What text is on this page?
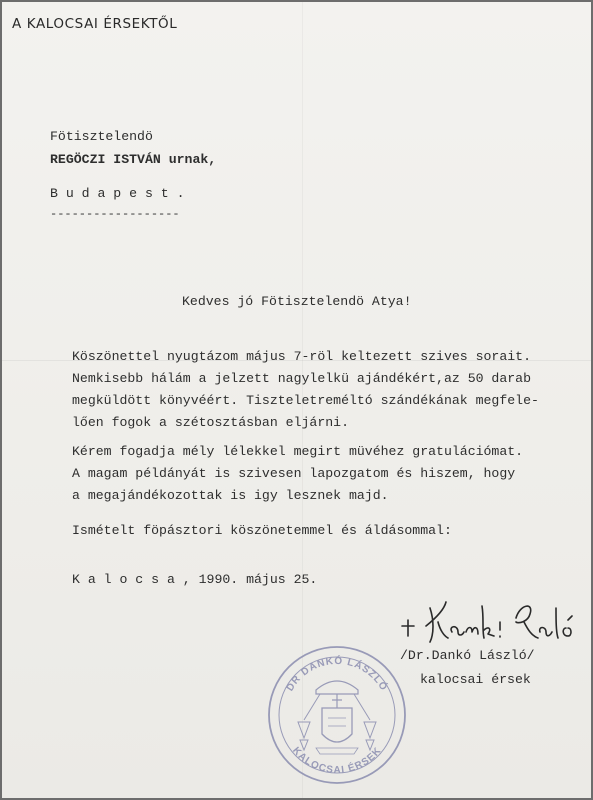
A KALOCSAI ÉRSEKTŐL
Fötisztelendö
REGÖCZI ISTVÁN urnak,
B u d a p e s t .
------------------
Kedves jó Fötisztelendö Atya!
Köszönettel nyugtázom május 7-röl keltezett szives sorait.
Nemkisebb hálám a jelzett nagylelkü ajándékért,az 50 darab
megküldött könyvéért. Tiszteletreméltó szándékának megfele-
lően fogok a szétosztásban eljárni.
Kérem fogadja mély lélekkel megirt müvéhez gratulációmat.
A magam példányát is szivesen lapozgatom és hiszem, hogy
a megajándékozottak is igy lesznek majd.
Ismételt föpásztori köszönetemmel és áldásommal:
K a l o c s a , 1990. május 25.
/Dr.Dankó László/
kalocsai érsek
DR DANKÓ LÁSZLÓ
KALOCSAI ÉRSEK
